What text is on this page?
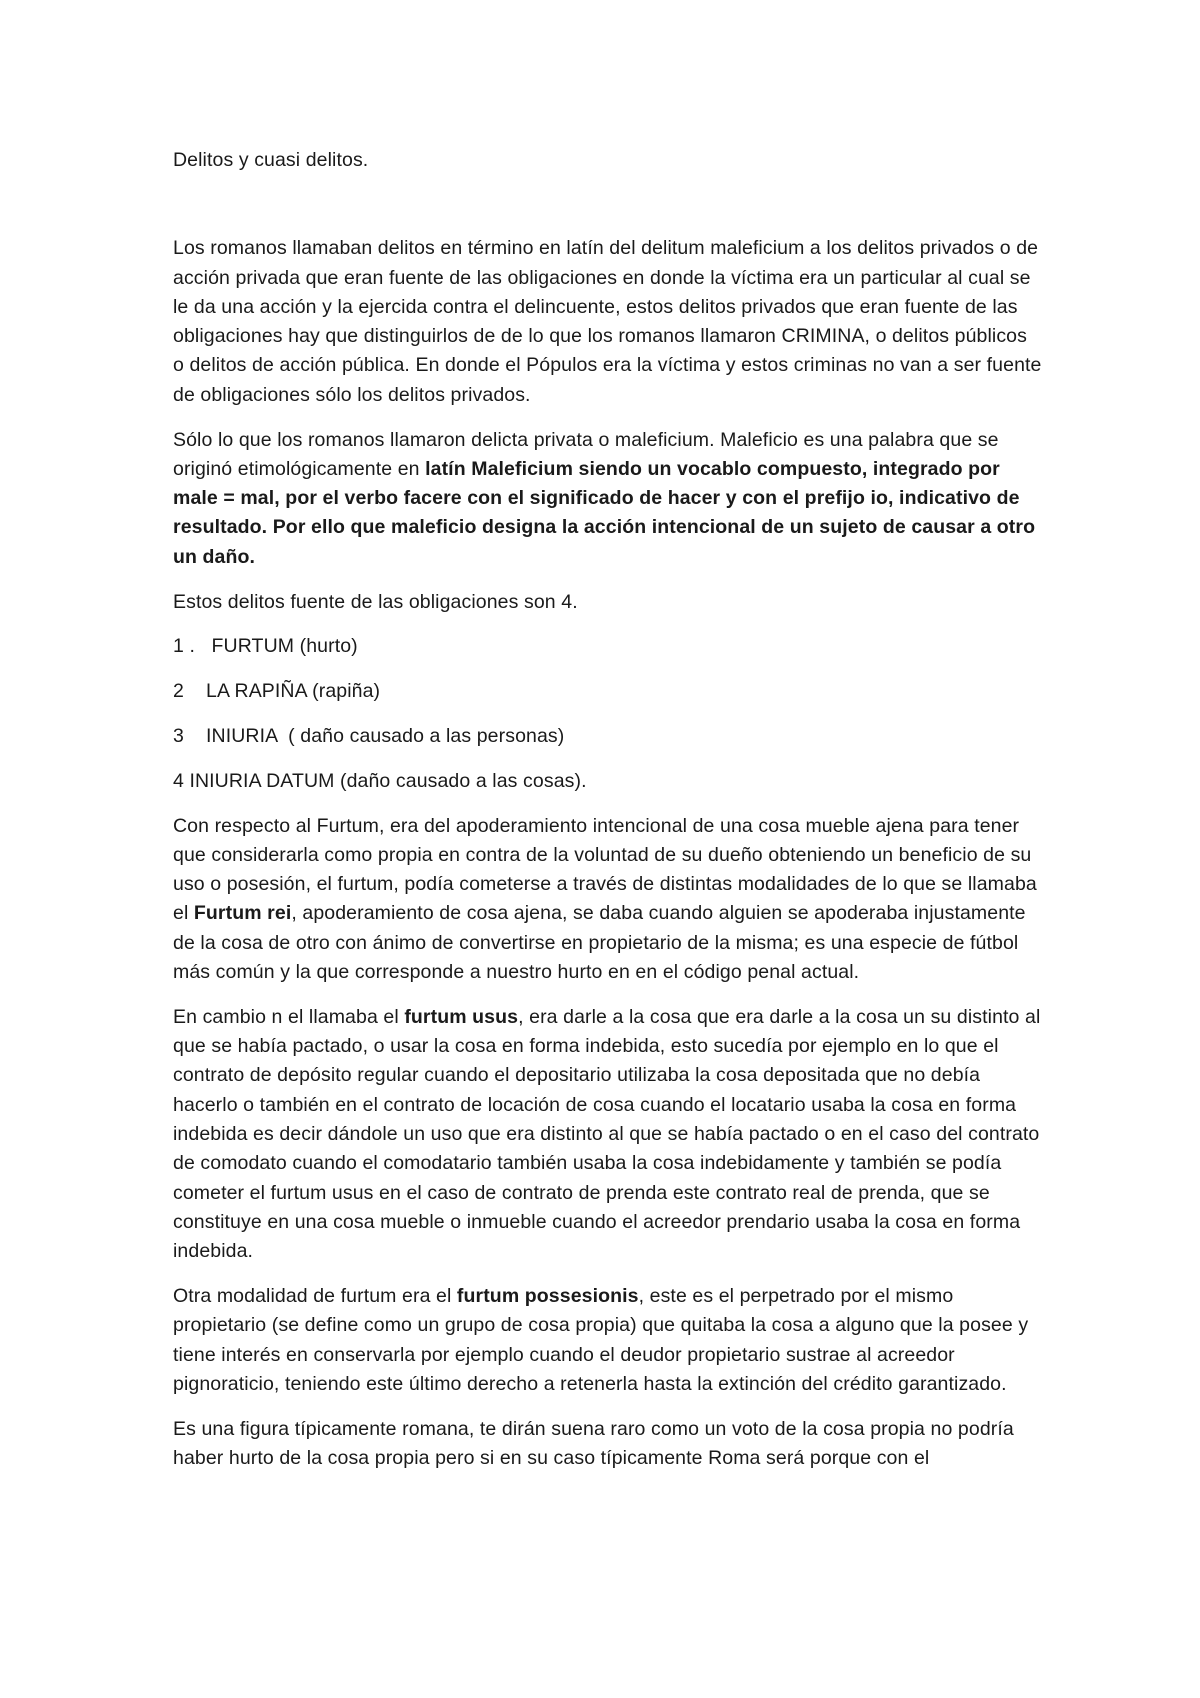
Delitos y cuasi delitos.

Los romanos llamaban delitos en término en latín del delitum maleficium a los delitos privados o de acción privada que eran fuente de las obligaciones en donde la víctima era un particular al cual se le da una acción y la ejercida contra el delincuente, estos delitos privados que eran fuente de las obligaciones hay que distinguirlos de de lo que los romanos llamaron CRIMINA, o delitos públicos o delitos de acción pública. En donde el Pópulos era la víctima y estos criminas no van a ser fuente de obligaciones sólo los delitos privados.

Sólo lo que los romanos llamaron delicta privata o maleficium. Maleficio es una palabra que se originó etimológicamente en latín Maleficium siendo un vocablo compuesto, integrado por male = mal, por el verbo facere con el significado de hacer y con el prefijo io, indicativo de resultado. Por ello que maleficio designa la acción intencional de un sujeto de causar a otro un daño.

Estos delitos fuente de las obligaciones son 4.

1 .   FURTUM (hurto)
2    LA RAPIÑA (rapiña)
3    INIURIA  ( daño causado a las personas)
4 INIURIA DATUM (daño causado a las cosas).

Con respecto al Furtum, era del apoderamiento intencional de una cosa mueble ajena para tener que considerarla como propia en contra de la voluntad de su dueño obteniendo un beneficio de su uso o posesión, el furtum, podía cometerse a través de distintas modalidades de lo que se llamaba el Furtum rei, apoderamiento de cosa ajena, se daba cuando alguien se apoderaba injustamente de la cosa de otro con ánimo de convertirse en propietario de la misma; es una especie de fútbol más común y la que corresponde a nuestro hurto en en el código penal actual.

En cambio n el llamaba el furtum usus, era darle a la cosa que era darle a la cosa un su distinto al que se había pactado, o usar la cosa en forma indebida, esto sucedía por ejemplo en lo que el contrato de depósito regular cuando el depositario utilizaba la cosa depositada que no debía hacerlo o también en el contrato de locación de cosa cuando el locatario usaba la cosa en forma indebida es decir dándole un uso que era distinto al que se había pactado o en el caso del contrato de comodato cuando el comodatario también usaba la cosa indebidamente y también se podía cometer el furtum usus en el caso de contrato de prenda este contrato real de prenda, que se constituye en una cosa mueble o inmueble cuando el acreedor prendario usaba la cosa en forma indebida.

Otra modalidad de furtum era el furtum possesionis, este es el perpetrado por el mismo propietario (se define como un grupo de cosa propia) que quitaba la cosa a alguno que la posee y tiene interés en conservarla por ejemplo cuando el deudor propietario sustrae al acreedor pignoraticio, teniendo este último derecho a retenerla hasta la extinción del crédito garantizado.

Es una figura típicamente romana, te dirán suena raro como un voto de la cosa propia no podría haber hurto de la cosa propia pero si en su caso típicamente Roma será porque con el
